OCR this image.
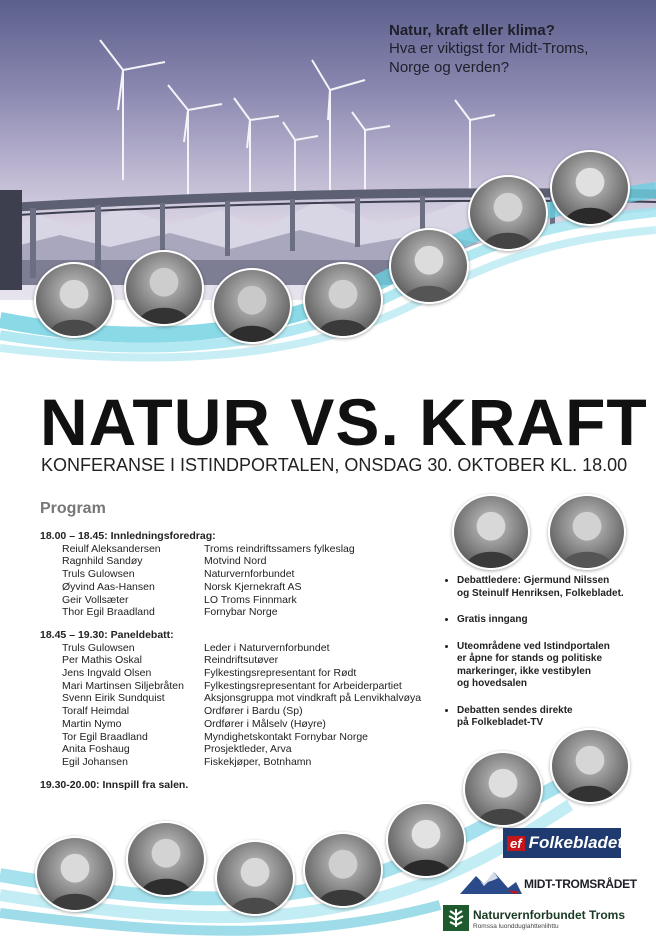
Natur, kraft eller klima?

Hva er viktigst for Midt-Troms,

Norge og verden?

NATUR VS. KRAFT

KONFERANSE I ISTINDPORTALEN, ONSDAG 30. OKTOBER KL. 18.00

Program

18.00 – 18.45: Innledningsforedrag:

Reiulf Aleksandersen	Troms reindriftssamers fylkeslag
Ragnhild Sandøy	Motvind Nord
Truls Gulowsen	Naturvernforbundet
Øyvind Aas-Hansen	Norsk Kjernekraft AS
Geir Vollsæter	LO Troms Finnmark
Thor Egil Braadland	Fornybar Norge

18.45 – 19.30: Paneldebatt:

Truls Gulowsen	Leder i Naturvernforbundet
Per Mathis Oskal	Reindriftsutøver
Jens Ingvald Olsen	Fylkestingsrepresentant for Rødt
Mari Martinsen Siljebråten	Fylkestingsrepresentant for Arbeiderpartiet
Svenn Eirik Sundquist	Aksjonsgruppa mot vindkraft på Lenvikhalvøya
Toralf Heimdal	Ordfører i Bardu (Sp)
Martin Nymo	Ordfører i Målselv (Høyre)
Tor Egil Braadland	Myndighetskontakt Fornybar Norge
Anita Foshaug	Prosjektleder, Arva
Egil Johansen	Fiskekjøper, Botnhamn

19.30-20.00: Innspill fra salen.

• Debattledere: Gjermund Nilssen
og Steinulf Henriksen, Folkebladet.
• Gratis inngang
• Uteområdene ved Istindportalen
er åpne for stands og politiske
markeringer, ikke vestibylen
og hovedsalen
• Debatten sendes direkte
på Folkebladet-TV
ef Folkebladet
MIDT-TROMSRÅDET
Naturvernforbundet Troms
Romssa luondduglahttenlihttu
